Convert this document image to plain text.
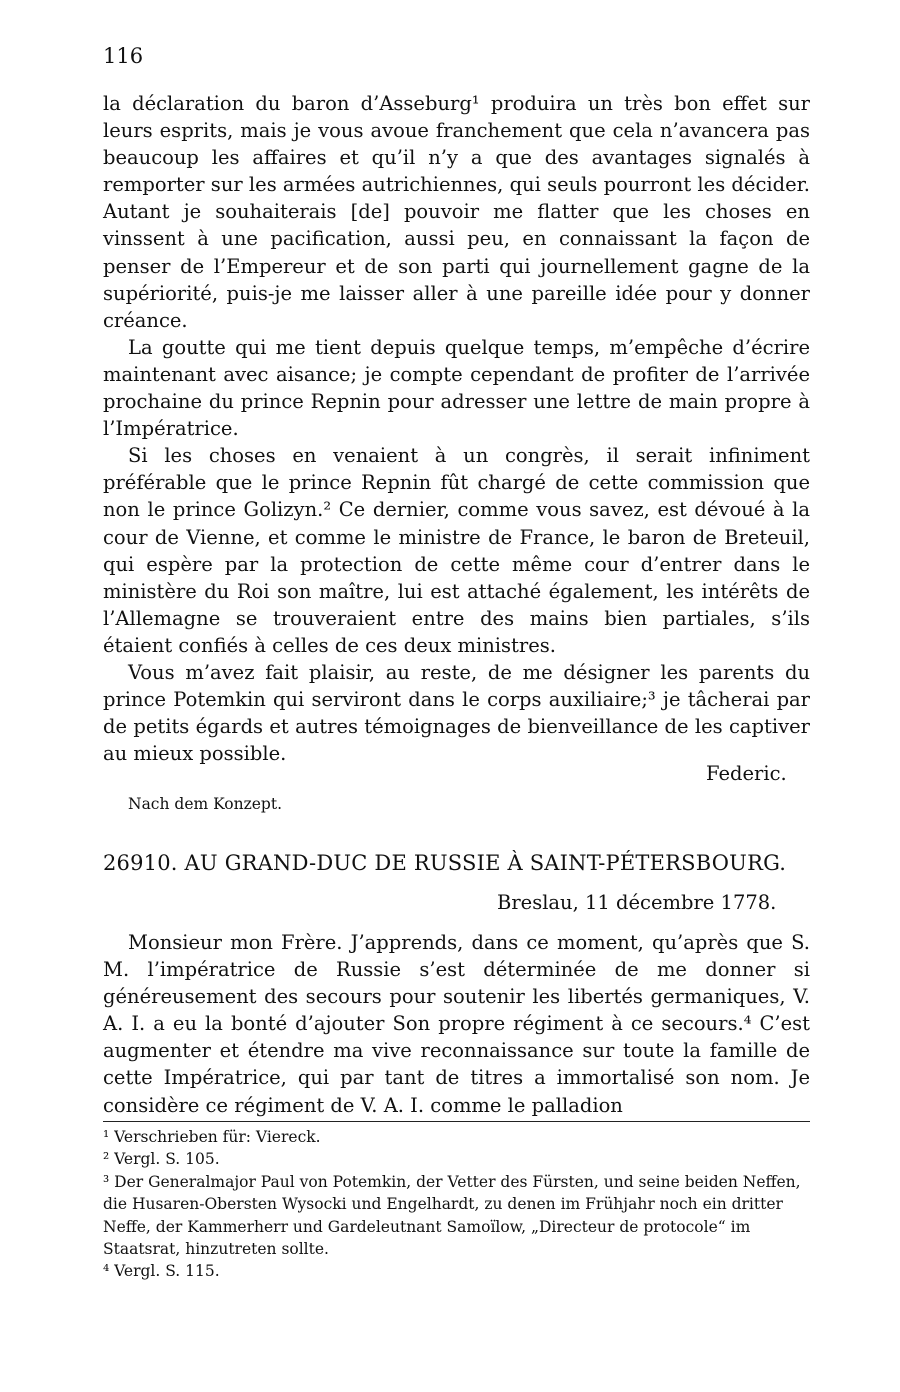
116

la déclaration du baron d’Asseburg¹ produira un très bon effet sur leurs esprits, mais je vous avoue franchement que cela n’avancera pas beaucoup les affaires et qu’il n’y a que des avantages signalés à remporter sur les armées autrichiennes, qui seuls pourront les décider. Autant je souhaiterais [de] pouvoir me flatter que les choses en vinssent à une pacification, aussi peu, en connaissant la façon de penser de l’Empereur et de son parti qui journellement gagne de la supériorité, puis-je me laisser aller à une pareille idée pour y donner créance.

La goutte qui me tient depuis quelque temps, m’empêche d’écrire maintenant avec aisance; je compte cependant de profiter de l’arrivée prochaine du prince Repnin pour adresser une lettre de main propre à l’Impératrice.

Si les choses en venaient à un congrès, il serait infiniment préférable que le prince Repnin fût chargé de cette commission que non le prince Golizyn.² Ce dernier, comme vous savez, est dévoué à la cour de Vienne, et comme le ministre de France, le baron de Breteuil, qui espère par la protection de cette même cour d’entrer dans le ministère du Roi son maître, lui est attaché également, les intérêts de l’Allemagne se trouveraient entre des mains bien partiales, s’ils étaient confiés à celles de ces deux ministres.

Vous m’avez fait plaisir, au reste, de me désigner les parents du prince Potemkin qui serviront dans le corps auxiliaire;³ je tâcherai par de petits égards et autres témoignages de bienveillance de les captiver au mieux possible.

Federic.
Nach dem Konzept.
26910. AU GRAND-DUC DE RUSSIE À SAINT-PÉTERSBOURG.
Breslau, 11 décembre 1778.

Monsieur mon Frère. J’apprends, dans ce moment, qu’après que S. M. l’impératrice de Russie s’est déterminée de me donner si généreusement des secours pour soutenir les libertés germaniques, V. A. I. a eu la bonté d’ajouter Son propre régiment à ce secours.⁴ C’est augmenter et étendre ma vive reconnaissance sur toute la famille de cette Impératrice, qui par tant de titres a immortalisé son nom. Je considère ce régiment de V. A. I. comme le palladion

¹ Verschrieben für: Viereck.

² Vergl. S. 105.

³ Der Generalmajor Paul von Potemkin, der Vetter des Fürsten, und seine beiden Neffen, die Husaren-Obersten Wysocki und Engelhardt, zu denen im Frühjahr noch ein dritter Neffe, der Kammerherr und Gardeleutnant Samoïlow, „Directeur de protocole“ im Staatsrat, hinzutreten sollte.

⁴ Vergl. S. 115.
